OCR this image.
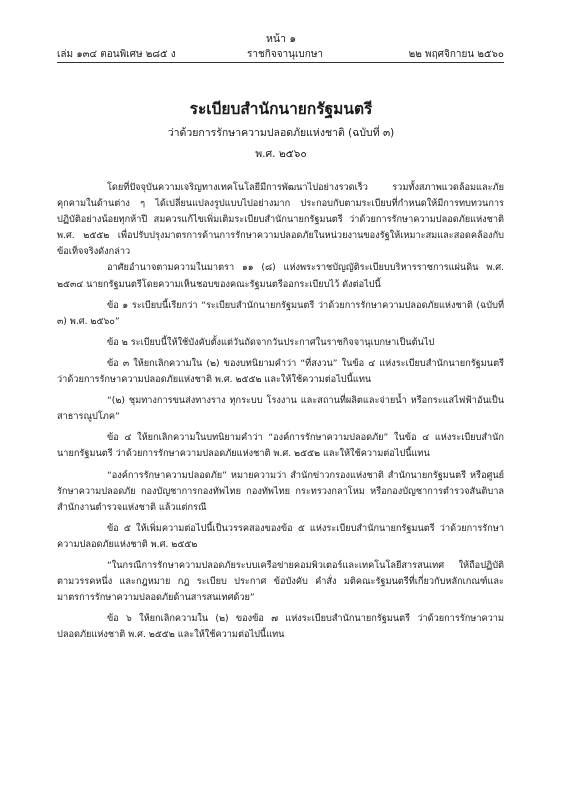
หน้า ๑
เล่ม ๑๓๔ ตอนพิเศษ ๒๘๕ ง	ราชกิจจานุเบกษา	๒๒ พฤศจิกายน ๒๕๖๐
ระเบียบสำนักนายกรัฐมนตรี
ว่าด้วยการรักษาความปลอดภัยแห่งชาติ (ฉบับที่ ๓)
พ.ศ. ๒๕๖๐

โดยที่ปัจจุบันความเจริญทางเทคโนโลยีมีการพัฒนาไปอย่างรวดเร็ว รวมทั้งสภาพแวดล้อมและภัยคุกคามในด้านต่าง ๆ ได้เปลี่ยนแปลงรูปแบบไปอย่างมาก ประกอบกับตามระเบียบที่กำหนดให้มีการทบทวนการปฏิบัติอย่างน้อยทุกห้าปี สมควรแก้ไขเพิ่มเติมระเบียบสำนักนายกรัฐมนตรี ว่าด้วยการรักษาความปลอดภัยแห่งชาติ พ.ศ. ๒๕๕๒ เพื่อปรับปรุงมาตรการด้านการรักษาความปลอดภัยในหน่วยงานของรัฐให้เหมาะสมและสอดคล้องกับข้อเท็จจริงดังกล่าว

อาศัยอำนาจตามความในมาตรา ๑๑ (๘) แห่งพระราชบัญญัติระเบียบบริหารราชการแผ่นดิน พ.ศ. ๒๕๓๔ นายกรัฐมนตรีโดยความเห็นชอบของคณะรัฐมนตรีออกระเบียบไว้ ดังต่อไปนี้

ข้อ ๑ ระเบียบนี้เรียกว่า “ระเบียบสำนักนายกรัฐมนตรี ว่าด้วยการรักษาความปลอดภัยแห่งชาติ (ฉบับที่ ๓) พ.ศ. ๒๕๖๐”

ข้อ ๒ ระเบียบนี้ให้ใช้บังคับตั้งแต่วันถัดจากวันประกาศในราชกิจจานุเบกษาเป็นต้นไป

ข้อ ๓ ให้ยกเลิกความใน (๒) ของบทนิยามคำว่า “ที่สงวน” ในข้อ ๔ แห่งระเบียบสำนักนายกรัฐมนตรี ว่าด้วยการรักษาความปลอดภัยแห่งชาติ พ.ศ. ๒๕๕๒ และให้ใช้ความต่อไปนี้แทน

“(๒) ชุมทางการขนส่งทางราง ทุกระบบ โรงงาน และสถานที่ผลิตและจ่ายน้ำ หรือกระแสไฟฟ้าอันเป็นสาธารณูปโภค”

ข้อ ๔ ให้ยกเลิกความในบทนิยามคำว่า “องค์การรักษาความปลอดภัย” ในข้อ ๔ แห่งระเบียบสำนักนายกรัฐมนตรี ว่าด้วยการรักษาความปลอดภัยแห่งชาติ พ.ศ. ๒๕๕๒ และให้ใช้ความต่อไปนี้แทน

“องค์การรักษาความปลอดภัย” หมายความว่า สำนักข่าวกรองแห่งชาติ สำนักนายกรัฐมนตรี หรือศูนย์รักษาความปลอดภัย กองบัญชาการกองทัพไทย กองทัพไทย กระทรวงกลาโหม หรือกองบัญชาการตำรวจสันติบาล สำนักงานตำรวจแห่งชาติ แล้วแต่กรณี

ข้อ ๕ ให้เพิ่มความต่อไปนี้เป็นวรรคสองของข้อ ๕ แห่งระเบียบสำนักนายกรัฐมนตรี ว่าด้วยการรักษาความปลอดภัยแห่งชาติ พ.ศ. ๒๕๕๒

“ในกรณีการรักษาความปลอดภัยระบบเครือข่ายคอมพิวเตอร์และเทคโนโลยีสารสนเทศ ให้ถือปฏิบัติตามวรรคหนึ่ง และกฎหมาย กฎ ระเบียบ ประกาศ ข้อบังคับ คำสั่ง มติคณะรัฐมนตรีที่เกี่ยวกับหลักเกณฑ์และมาตรการรักษาความปลอดภัยด้านสารสนเทศด้วย”

ข้อ ๖ ให้ยกเลิกความใน (๒) ของข้อ ๗ แห่งระเบียบสำนักนายกรัฐมนตรี ว่าด้วยการรักษาความปลอดภัยแห่งชาติ พ.ศ. ๒๕๕๒ และให้ใช้ความต่อไปนี้แทน
